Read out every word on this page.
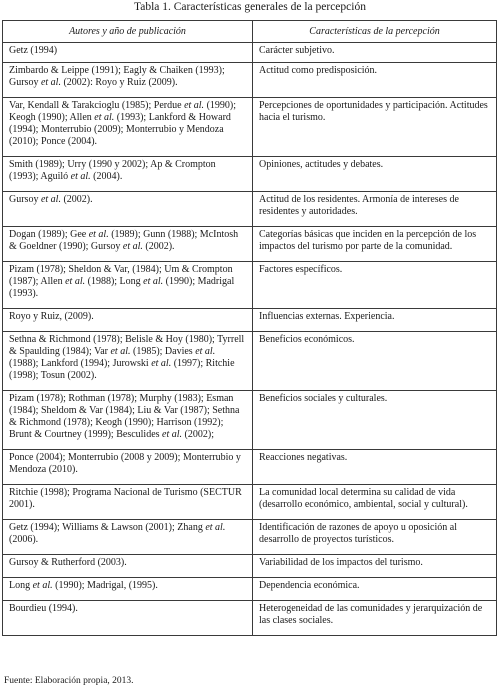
Tabla 1. Características generales de la percepción
Autores y año de publicación	Características de la percepción
Getz (1994)	Carácter subjetivo.
Zimbardo & Leippe (1991); Eagly & Chaiken (1993); Gursoy et al. (2002): Royo y Ruiz (2009).	Actitud como predisposición.
Var, Kendall & Tarakcioglu (1985); Perdue et al. (1990); Keogh (1990); Allen et al. (1993); Lankford & Howard (1994); Monterrubio (2009); Monterrubio y Mendoza (2010); Ponce (2004).	Percepciones de oportunidades y participación. Actitudes hacia el turismo.
Smith (1989); Urry (1990 y 2002); Ap & Crompton (1993); Aguiló et al. (2004).	Opiniones, actitudes y debates.
Gursoy et al. (2002).	Actitud de los residentes. Armonía de intereses de residentes y autoridades.
Dogan (1989); Gee et al. (1989); Gunn (1988); McIntosh & Goeldner (1990); Gursoy et al. (2002).	Categorías básicas que inciden en la percepción de los impactos del turismo por parte de la comunidad.
Pizam (1978); Sheldon & Var, (1984); Um & Crompton (1987); Allen et al. (1988); Long et al. (1990); Madrigal (1993).	Factores específicos.
Royo y Ruiz, (2009).	Influencias externas. Experiencia.
Sethna & Richmond (1978); Belisle & Hoy (1980); Tyrrell & Spaulding (1984); Var et al. (1985); Davies et al. (1988); Lankford (1994); Jurowski et al. (1997); Ritchie (1998); Tosun (2002).	Beneficios económicos.
Pizam (1978); Rothman (1978); Murphy (1983); Esman (1984); Sheldom & Var (1984); Liu & Var (1987); Sethna & Richmond (1978); Keogh (1990); Harrison (1992); Brunt & Courtney (1999); Besculides et al. (2002);	Beneficios sociales y culturales.
Ponce (2004); Monterrubio (2008 y 2009); Monterrubio y Mendoza (2010).	Reacciones negativas.
Ritchie (1998); Programa Nacional de Turismo (SECTUR 2001).	La comunidad local determina su calidad de vida (desarrollo económico, ambiental, social y cultural).
Getz (1994); Williams & Lawson (2001); Zhang et al. (2006).	Identificación de razones de apoyo u oposición al desarrollo de proyectos turísticos.
Gursoy & Rutherford (2003).	Variabilidad de los impactos del turismo.
Long et al. (1990); Madrigal, (1995).	Dependencia económica.
Bourdieu (1994).	Heterogeneidad de las comunidades y jerarquización de las clases sociales.
Fuente: Elaboración propia, 2013.
